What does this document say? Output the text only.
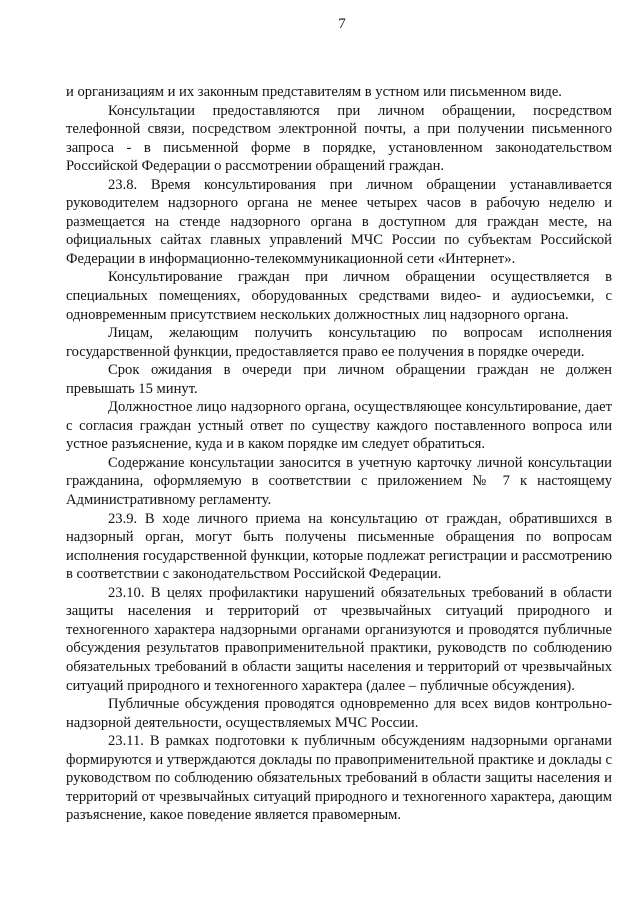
7

и организациям и их законным представителям в устном или письменном виде.

Консультации предоставляются при личном обращении, посредством телефонной связи, посредством электронной почты, а при получении письменного запроса - в письменной форме в порядке, установленном законодательством Российской Федерации о рассмотрении обращений граждан.

23.8. Время консультирования при личном обращении устанавливается руководителем надзорного органа не менее четырех часов в рабочую неделю и размещается на стенде надзорного органа в доступном для граждан месте, на официальных сайтах главных управлений МЧС России по субъектам Российской Федерации в информационно-телекоммуникационной сети «Интернет».

Консультирование граждан при личном обращении осуществляется в специальных помещениях, оборудованных средствами видео- и аудиосъемки, с одновременным присутствием нескольких должностных лиц надзорного органа.

Лицам, желающим получить консультацию по вопросам исполнения государственной функции, предоставляется право ее получения в порядке очереди.

Срок ожидания в очереди при личном обращении граждан не должен превышать 15 минут.

Должностное лицо надзорного органа, осуществляющее консультирование, дает с согласия граждан устный ответ по существу каждого поставленного вопроса или устное разъяснение, куда и в каком порядке им следует обратиться.

Содержание консультации заносится в учетную карточку личной консультации гражданина, оформляемую в соответствии с приложением № 7 к настоящему Административному регламенту.

23.9. В ходе личного приема на консультацию от граждан, обратившихся в надзорный орган, могут быть получены письменные обращения по вопросам исполнения государственной функции, которые подлежат регистрации и рассмотрению в соответствии с законодательством Российской Федерации.

23.10. В целях профилактики нарушений обязательных требований в области защиты населения и территорий от чрезвычайных ситуаций природного и техногенного характера надзорными органами организуются и проводятся публичные обсуждения результатов правоприменительной практики, руководств по соблюдению обязательных требований в области защиты населения и территорий от чрезвычайных ситуаций природного и техногенного характера (далее – публичные обсуждения).

Публичные обсуждения проводятся одновременно для всех видов контрольно-надзорной деятельности, осуществляемых МЧС России.

23.11. В рамках подготовки к публичным обсуждениям надзорными органами формируются и утверждаются доклады по правоприменительной практике и доклады с руководством по соблюдению обязательных требований в области защиты населения и территорий от чрезвычайных ситуаций природного и техногенного характера, дающим разъяснение, какое поведение является правомерным.
